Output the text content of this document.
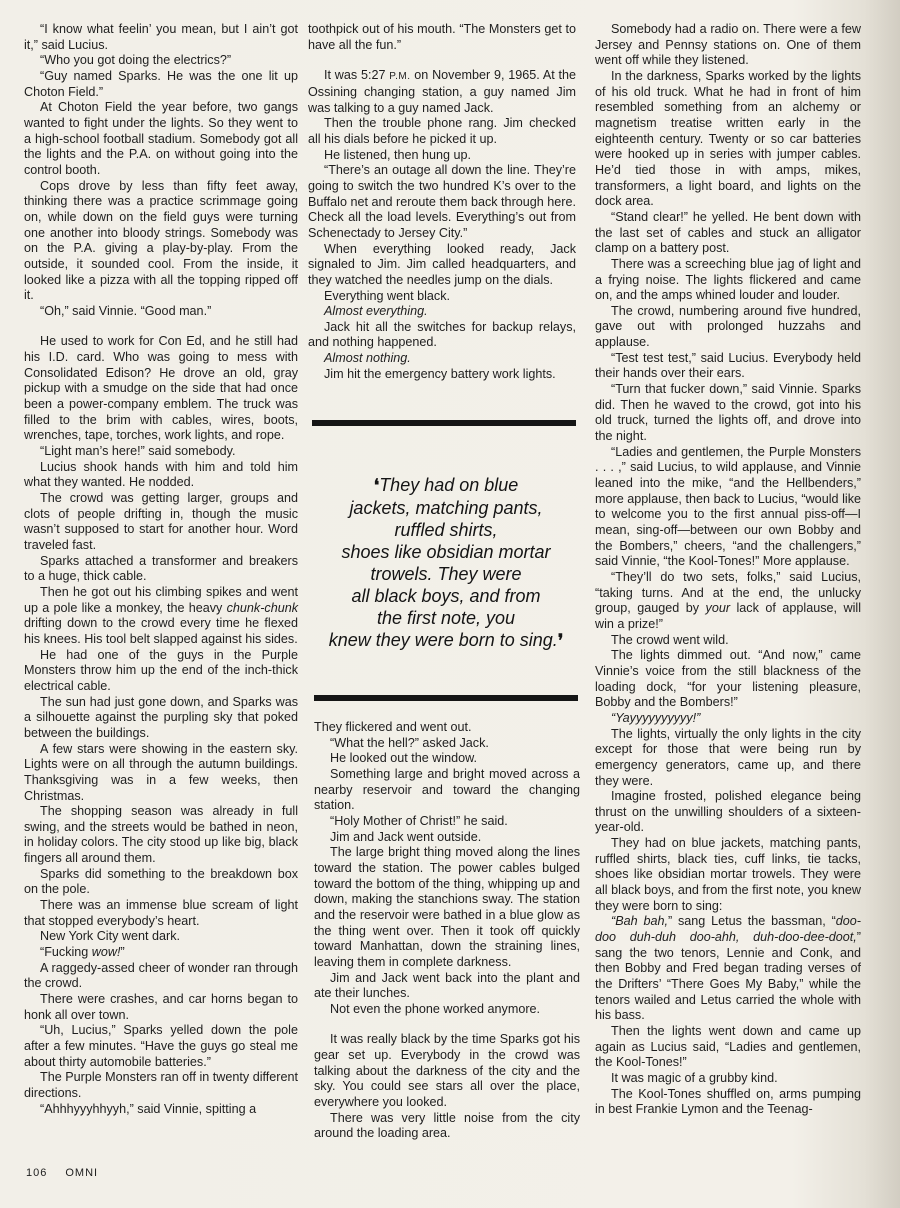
“I know what feelin’ you mean, but I ain’t got it,” said Lucius.

“Who you got doing the electrics?”

“Guy named Sparks. He was the one lit up Choton Field.”

At Choton Field the year before, two gangs wanted to fight under the lights. So they went to a high-school football stadium. Somebody got all the lights and the P.A. on without going into the control booth.

Cops drove by less than fifty feet away, thinking there was a practice scrimmage going on, while down on the field guys were turning one another into bloody strings. Somebody was on the P.A. giving a play-by-play. From the outside, it sounded cool. From the inside, it looked like a pizza with all the topping ripped off it.

“Oh,” said Vinnie. “Good man.”

He used to work for Con Ed, and he still had his I.D. card. Who was going to mess with Consolidated Edison? He drove an old, gray pickup with a smudge on the side that had once been a power-company emblem. The truck was filled to the brim with cables, wires, boots, wrenches, tape, torches, work lights, and rope.

“Light man’s here!” said somebody.

Lucius shook hands with him and told him what they wanted. He nodded.

The crowd was getting larger, groups and clots of people drifting in, though the music wasn’t supposed to start for another hour. Word traveled fast.

Sparks attached a transformer and breakers to a huge, thick cable.

Then he got out his climbing spikes and went up a pole like a monkey, the heavy chunk-chunk drifting down to the crowd every time he flexed his knees. His tool belt slapped against his sides.

He had one of the guys in the Purple Monsters throw him up the end of the inch-thick electrical cable.

The sun had just gone down, and Sparks was a silhouette against the purpling sky that poked between the buildings.

A few stars were showing in the eastern sky. Lights were on all through the autumn buildings. Thanksgiving was in a few weeks, then Christmas.

The shopping season was already in full swing, and the streets would be bathed in neon, in holiday colors. The city stood up like big, black fingers all around them.

Sparks did something to the breakdown box on the pole.

There was an immense blue scream of light that stopped everybody’s heart.

New York City went dark.

“Fucking wow!”

A raggedy-assed cheer of wonder ran through the crowd.

There were crashes, and car horns began to honk all over town.

“Uh, Lucius,” Sparks yelled down the pole after a few minutes. “Have the guys go steal me about thirty automobile batteries.”

The Purple Monsters ran off in twenty different directions.

“Ahhhyyyhhyyh,” said Vinnie, spitting a

toothpick out of his mouth. “The Monsters get to have all the fun.”

It was 5:27 P.M. on November 9, 1965. At the Ossining changing station, a guy named Jim was talking to a guy named Jack.

Then the trouble phone rang. Jim checked all his dials before he picked it up.

He listened, then hung up.

“There’s an outage all down the line. They’re going to switch the two hundred K’s over to the Buffalo net and reroute them back through here. Check all the load levels. Everything’s out from Schenectady to Jersey City.”

When everything looked ready, Jack signaled to Jim. Jim called headquarters, and they watched the needles jump on the dials.

Everything went black.

Almost everything.

Jack hit all the switches for backup relays, and nothing happened.

Almost nothing.

Jim hit the emergency battery work lights.

❛They had on blue
jackets, matching pants,
ruffled shirts,
shoes like obsidian mortar
trowels. They were
all black boys, and from
the first note, you
knew they were born to sing.❜

They flickered and went out.

“What the hell?” asked Jack.

He looked out the window.

Something large and bright moved across a nearby reservoir and toward the changing station.

“Holy Mother of Christ!” he said.

Jim and Jack went outside.

The large bright thing moved along the lines toward the station. The power cables bulged toward the bottom of the thing, whipping up and down, making the stanchions sway. The station and the reservoir were bathed in a blue glow as the thing went over. Then it took off quickly toward Manhattan, down the straining lines, leaving them in complete darkness.

Jim and Jack went back into the plant and ate their lunches.

Not even the phone worked anymore.

It was really black by the time Sparks got his gear set up. Everybody in the crowd was talking about the darkness of the city and the sky. You could see stars all over the place, everywhere you looked.

There was very little noise from the city around the loading area.

Somebody had a radio on. There were a few Jersey and Pennsy stations on. One of them went off while they listened.

In the darkness, Sparks worked by the lights of his old truck. What he had in front of him resembled something from an alchemy or magnetism treatise written early in the eighteenth century. Twenty or so car batteries were hooked up in series with jumper cables. He’d tied those in with amps, mikes, transformers, a light board, and lights on the dock area.

“Stand clear!” he yelled. He bent down with the last set of cables and stuck an alligator clamp on a battery post.

There was a screeching blue jag of light and a frying noise. The lights flickered and came on, and the amps whined louder and louder.

The crowd, numbering around five hundred, gave out with prolonged huzzahs and applause.

“Test test test,” said Lucius. Everybody held their hands over their ears.

“Turn that fucker down,” said Vinnie. Sparks did. Then he waved to the crowd, got into his old truck, turned the lights off, and drove into the night.

“Ladies and gentlemen, the Purple Monsters . . . ,” said Lucius, to wild applause, and Vinnie leaned into the mike, “and the Hellbenders,” more applause, then back to Lucius, “would like to welcome you to the first annual piss-off—I mean, sing-off—between our own Bobby and the Bombers,” cheers, “and the challengers,” said Vinnie, “the Kool-Tones!” More applause.

“They’ll do two sets, folks,” said Lucius, “taking turns. And at the end, the unlucky group, gauged by your lack of applause, will win a prize!”

The crowd went wild.

The lights dimmed out. “And now,” came Vinnie’s voice from the still blackness of the loading dock, “for your listening pleasure, Bobby and the Bombers!”

“Yayyyyyyyyyy!”

The lights, virtually the only lights in the city except for those that were being run by emergency generators, came up, and there they were.

Imagine frosted, polished elegance being thrust on the unwilling shoulders of a sixteen-year-old.

They had on blue jackets, matching pants, ruffled shirts, black ties, cuff links, tie tacks, shoes like obsidian mortar trowels. They were all black boys, and from the first note, you knew they were born to sing:

“Bah bah,” sang Letus the bassman, “doo-doo duh-duh doo-ahh, duh-doo-dee-doot,” sang the two tenors, Lennie and Conk, and then Bobby and Fred began trading verses of the Drifters’ “There Goes My Baby,” while the tenors wailed and Letus carried the whole with his bass.

Then the lights went down and came up again as Lucius said, “Ladies and gentlemen, the Kool-Tones!”

It was magic of a grubby kind.

The Kool-Tones shuffled on, arms pumping in best Frankie Lymon and the Teenag-

106 OMNI
